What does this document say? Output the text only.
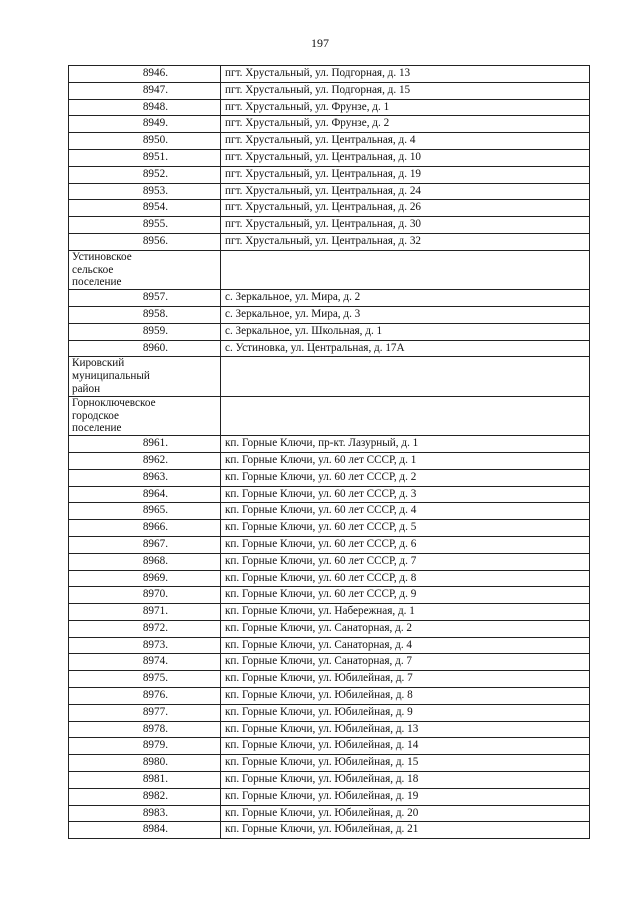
197
8946.	пгт. Хрустальный, ул. Подгорная, д. 13
8947.	пгт. Хрустальный, ул. Подгорная, д. 15
8948.	пгт. Хрустальный, ул. Фрунзе, д. 1
8949.	пгт. Хрустальный, ул. Фрунзе, д. 2
8950.	пгт. Хрустальный, ул. Центральная, д. 4
8951.	пгт. Хрустальный, ул. Центральная, д. 10
8952.	пгт. Хрустальный, ул. Центральная, д. 19
8953.	пгт. Хрустальный, ул. Центральная, д. 24
8954.	пгт. Хрустальный, ул. Центральная, д. 26
8955.	пгт. Хрустальный, ул. Центральная, д. 30
8956.	пгт. Хрустальный, ул. Центральная, д. 32

Устиновское
сельское
поселение	

8957.	с. Зеркальное, ул. Мира, д. 2
8958.	с. Зеркальное, ул. Мира, д. 3
8959.	с. Зеркальное, ул. Школьная, д. 1
8960.	с. Устиновка, ул. Центральная, д. 17А

Кировский
муниципальный
район	

Горноключевское
городское
поселение	

8961.	кп. Горные Ключи, пр-кт. Лазурный, д. 1
8962.	кп. Горные Ключи, ул. 60 лет СССР, д. 1
8963.	кп. Горные Ключи, ул. 60 лет СССР, д. 2
8964.	кп. Горные Ключи, ул. 60 лет СССР, д. 3
8965.	кп. Горные Ключи, ул. 60 лет СССР, д. 4
8966.	кп. Горные Ключи, ул. 60 лет СССР, д. 5
8967.	кп. Горные Ключи, ул. 60 лет СССР, д. 6
8968.	кп. Горные Ключи, ул. 60 лет СССР, д. 7
8969.	кп. Горные Ключи, ул. 60 лет СССР, д. 8
8970.	кп. Горные Ключи, ул. 60 лет СССР, д. 9
8971.	кп. Горные Ключи, ул. Набережная, д. 1
8972.	кп. Горные Ключи, ул. Санаторная, д. 2
8973.	кп. Горные Ключи, ул. Санаторная, д. 4
8974.	кп. Горные Ключи, ул. Санаторная, д. 7
8975.	кп. Горные Ключи, ул. Юбилейная, д. 7
8976.	кп. Горные Ключи, ул. Юбилейная, д. 8
8977.	кп. Горные Ключи, ул. Юбилейная, д. 9
8978.	кп. Горные Ключи, ул. Юбилейная, д. 13
8979.	кп. Горные Ключи, ул. Юбилейная, д. 14
8980.	кп. Горные Ключи, ул. Юбилейная, д. 15
8981.	кп. Горные Ключи, ул. Юбилейная, д. 18
8982.	кп. Горные Ключи, ул. Юбилейная, д. 19
8983.	кп. Горные Ключи, ул. Юбилейная, д. 20
8984.	кп. Горные Ключи, ул. Юбилейная, д. 21
